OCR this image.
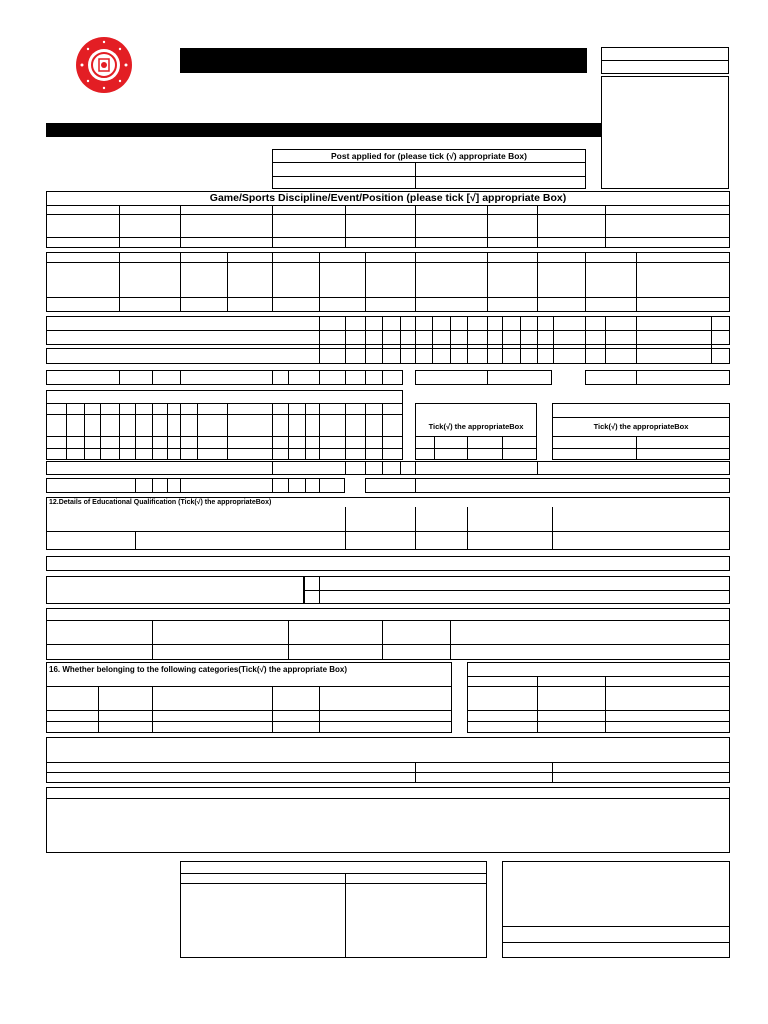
Post applied for (please tick (√) appropriate Box)
Game/Sports Discipline/Event/Position (please tick [√] appropriate Box)
Tick(√) the appropriateBox	Tick(√) the appropriateBox
12.Details of Educational Qualification (Tick(√) the appropriateBox)
16. Whether belonging to the following categories(Tick(√) the appropriate Box)
